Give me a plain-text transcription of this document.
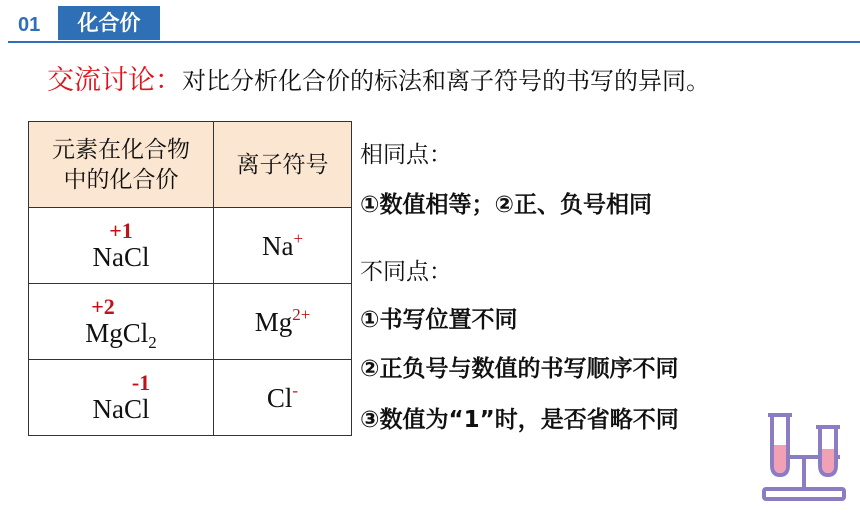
01	化合价
交流讨论：对比分析化合价的标法和离子符号的书写的异同。
元素在化合物
中的化合价	离子符号

+1
NaCl	Na+

+2
MgCl$_2$	$Mg^{2+}$

-1
NaCl	Cl-
相同点：
①数值相等；②正、负号相同
不同点：
①书写位置不同
②正负号与数值的书写顺序不同
③数值为“1”时，是否省略不同
